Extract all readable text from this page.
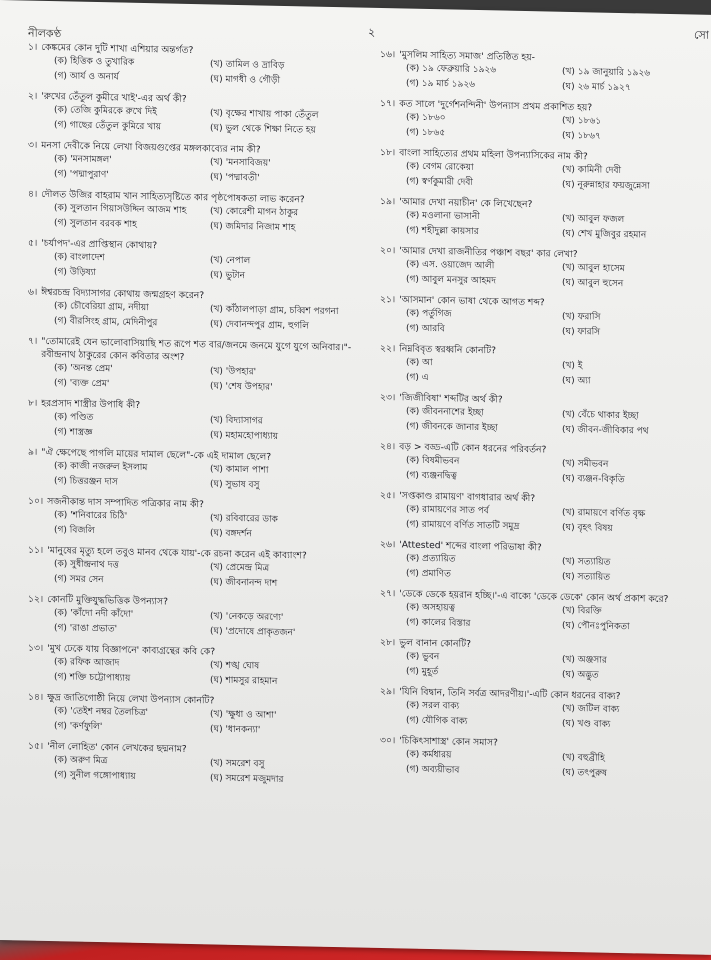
নীলকণ্ঠ	২	সো
১। কেঙ্কমের কোন দুটি শাখা এশিয়ার অন্তর্গত?
(ক) হিত্তিক ও তুখারিক	(খ) তামিল ও দ্রাবিড়
(গ) আর্য ও অনার্য	(ঘ) মাগধী ও গৌড়ী
২। 'রুখের তেঁতুল কুমীরে খাই'-এর অর্থ কী?
(ক) তেজি কুমিরকে রুখে দিই	(খ) বৃক্ষের শাখায় পাকা তেঁতুল
(গ) গাছের তেঁতুল কুমিরে খায়	(ঘ) ভুল থেকে শিক্ষা নিতে হয়
৩। মনসা দেবীকে নিয়ে লেখা বিজয়গুপ্তের মঙ্গলকাব্যের নাম কী?
(ক) 'মনসামঙ্গল'	(খ) 'মনসাবিজয়'
(গ) 'পদ্মাপুরাণ'	(ঘ) 'পদ্মাবতী'
৪। দৌলত উজির বাহরাম খান সাহিত্যসৃষ্টিতে কার পৃষ্ঠপোষকতা লাভ করেন?
(ক) সুলতান গিয়াসউদ্দিন আজম শাহ	(খ) কোরেশী মাগন ঠাকুর
(গ) সুলতান বরবক শাহ	(ঘ) জমিদার নিজাম শাহ
৫। 'চর্যাপদ'-এর প্রাপ্তিস্থান কোথায়?
(ক) বাংলাদেশ	(খ) নেপাল
(গ) উড়িষ্যা	(ঘ) ভুটান
৬। ঈশ্বরচন্দ্র বিদ্যাসাগর কোথায় জন্মগ্রহণ করেন?
(ক) চৌবেরিয়া গ্রাম, নদীয়া	(খ) কাঁঠালপাড়া গ্রাম, চব্বিশ পরগনা
(গ) বীরসিংহ গ্রাম, মেদিনীপুর	(ঘ) দেবানন্দপুর গ্রাম, হুগলি
৭। "তোমারেই যেন ভালোবাসিয়াছি শত রূপে শত বার/জনমে জনমে যুগে যুগে অনিবার।"-রবীন্দ্রনাথ ঠাকুরের কোন কবিতার অংশ?
(ক) 'অনন্ত প্রেম'	(খ) 'উপহার'
(গ) 'ব্যক্ত প্রেম'	(ঘ) 'শেষ উপহার'
৮। হরপ্রসাদ শাস্ত্রীর উপাধি কী?
(ক) পণ্ডিত	(খ) বিদ্যাসাগর
(গ) শাস্ত্রজ্ঞ	(ঘ) মহামহোপাধ্যায়
৯। "ঐ ক্ষেপেছে পাগলি মায়ের দামাল ছেলে"-কে এই দামাল ছেলে?
(ক) কাজী নজরুল ইসলাম	(খ) কামাল পাশা
(গ) চিত্তরঞ্জন দাস	(ঘ) সুভাষ বসু
১০। সজনীকান্ত দাস সম্পাদিত পত্রিকার নাম কী?
(ক) 'শনিবারের চিঠি'	(খ) রবিবারের ডাক
(গ) বিজলি	(ঘ) বঙ্গদর্শন
১১। 'মানুষের মৃত্যু হলে তবুও মানব থেকে যায়'-কে রচনা করেন এই কাব্যাংশ?
(ক) সুধীন্দ্রনাথ দত্ত	(খ) প্রেমেন্দ্র মিত্র
(গ) সমর সেন	(ঘ) জীবনানন্দ দাশ
১২। কোনটি মুক্তিযুদ্ধভিত্তিক উপন্যাস?
(ক) 'কাঁদো নদী কাঁদো'	(খ) 'নেকড়ে অরণ্যে'
(গ) 'রাঙা প্রভাত'	(ঘ) 'প্রদোষে প্রাকৃতজন'
১৩। 'মুখ ঢেকে যায় বিজ্ঞাপনে' কাব্যগ্রন্থের কবি কে?
(ক) রফিক আজাদ	(খ) শঙ্খ ঘোষ
(গ) শক্তি চট্টোপাধ্যায়	(ঘ) শামসুর রাহমান
১৪। ক্ষুদ্র জাতিগোষ্ঠী নিয়ে লেখা উপন্যাস কোনটি?
(ক) 'তেইশ নম্বর তৈলচিত্র'	(খ) 'ক্ষুধা ও আশা'
(গ) 'কর্ণফুলি'	(ঘ) 'ধানকন্যা'
১৫। 'নীল লোহিত' কোন লেখকের ছদ্মনাম?
(ক) অরুণ মিত্র	(খ) সমরেশ বসু
(গ) সুনীল গঙ্গোপাধ্যায়	(ঘ) সমরেশ মজুমদার
১৬। 'মুসলিম সাহিত্য সমাজ' প্রতিষ্ঠিত হয়-
(ক) ১৯ ফেব্রুয়ারি ১৯২৬	(খ) ১৯ জানুয়ারি ১৯২৬
(গ) ১৯ মার্চ ১৯২৬	(ঘ) ২৬ মার্চ ১৯২৭
১৭। কত সালে 'দুর্গেশনন্দিনী' উপন্যাস প্রথম প্রকাশিত হয়?
(ক) ১৮৬০	(খ) ১৮৬১
(গ) ১৮৬৫	(ঘ) ১৮৬৭
১৮। বাংলা সাহিত্যের প্রথম মহিলা উপন্যাসিকের নাম কী?
(ক) বেগম রোকেয়া	(খ) কামিনী দেবী
(গ) স্বর্ণকুমারী দেবী	(ঘ) নূরুন্নাহার ফয়জুন্নেসা
১৯। 'আমার দেখা নয়াচীন' কে লিখেছেন?
(ক) মওলানা ভাসানী	(খ) আবুল ফজল
(গ) শহীদুল্লা কায়সার	(ঘ) শেখ মুজিবুর রহমান
২০। 'আমার দেখা রাজনীতির পঞ্চাশ বছর' কার লেখা?
(ক) এস. ওয়াজেদ আলী	(খ) আবুল হাসেম
(গ) আবুল মনসুর আহমদ	(ঘ) আবুল হুসেন
২১। 'আসমান' কোন ভাষা থেকে আগত শব্দ?
(ক) পর্তুগিজ	(খ) ফরাসি
(গ) আরবি	(ঘ) ফারসি
২২। নিম্নবিবৃত স্বরধ্বনি কোনটি?
(ক) আ	(খ) ই
(গ) এ	(ঘ) অ্যা
২৩। 'জিজীবিষা' শব্দটির অর্থ কী?
(ক) জীবননাশের ইচ্ছা	(খ) বেঁচে থাকার ইচ্ছা
(গ) জীবনকে জানার ইচ্ছা	(ঘ) জীবন-জীবিকার পথ
২৪। বড় > বড্ড-এটি কোন ধরনের পরিবর্তন?
(ক) বিষমীভবন	(খ) সমীভবন
(গ) ব্যঞ্জনদ্বিত্ব	(ঘ) ব্যঞ্জন-বিকৃতি
২৫। 'সপ্তকাণ্ড রামায়ণ' বাগধারার অর্থ কী?
(ক) রামায়ণের সাত পর্ব	(খ) রামায়ণে বর্ণিত বৃক্ষ
(গ) রামায়ণে বর্ণিত সাতটি সমুদ্র	(ঘ) বৃহৎ বিষয়
২৬। 'Attested' শব্দের বাংলা পরিভাষা কী?
(ক) প্রত্যায়িত	(খ) সত্যায়িত
(গ) প্রমাণিত	(ঘ) সত্যায়িত
২৭। 'ডেকে ডেকে হয়রান হচ্ছি।'-এ বাক্যে 'ডেকে ডেকে' কোন অর্থ প্রকাশ করে?
(ক) অসহায়ত্ব	(খ) বিরক্তি
(গ) কালের বিস্তার	(ঘ) পৌনঃপুনিকতা
২৮। ভুল বানান কোনটি?
(ক) ভুবন	(খ) অঞ্জসার
(গ) মুহূর্ত	(ঘ) অদ্ভুত
২৯। 'যিনি বিদ্বান, তিনি সর্বত্র আদরণীয়।'-এটি কোন ধরনের বাক্য?
(ক) সরল বাক্য	(খ) জটিল বাক্য
(গ) যৌগিক বাক্য	(ঘ) খণ্ড বাক্য
৩০। 'চিকিৎসাশাস্ত্র' কোন সমাস?
(ক) কর্মধারয়	(খ) বহুব্রীহি
(গ) অব্যয়ীভাব	(ঘ) তৎপুরুষ
